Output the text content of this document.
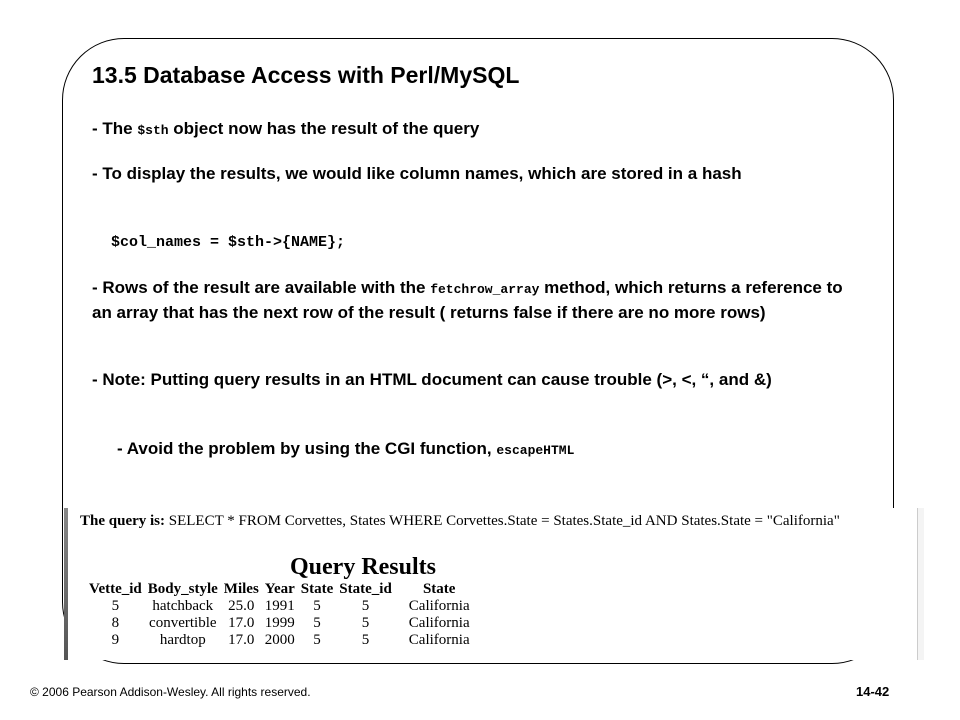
13.5 Database Access with Perl/MySQL

- The $sth object now has the result of the query

- To display the results, we would like column names, which are stored in a hash

$col_names = $sth->{NAME};

- Rows of the result are available with the fetchrow_array method, which returns a reference to an array that has the next row of the result ( returns false if there are no more rows)

- Note: Putting query results in an HTML document can cause trouble (>, <, “, and &)

- Avoid the problem by using the CGI function, escapeHTML

The query is: SELECT * FROM Corvettes, States WHERE Corvettes.State = States.State_id AND States.State = "California"

Query Results
Vette_id	Body_style	Miles	Year	State	State_id	State
5	hatchback	25.0	1991	5	5	California
8	convertible	17.0	1999	5	5	California
9	hardtop	17.0	2000	5	5	California

© 2006 Pearson Addison-Wesley. All rights reserved.	14-42
